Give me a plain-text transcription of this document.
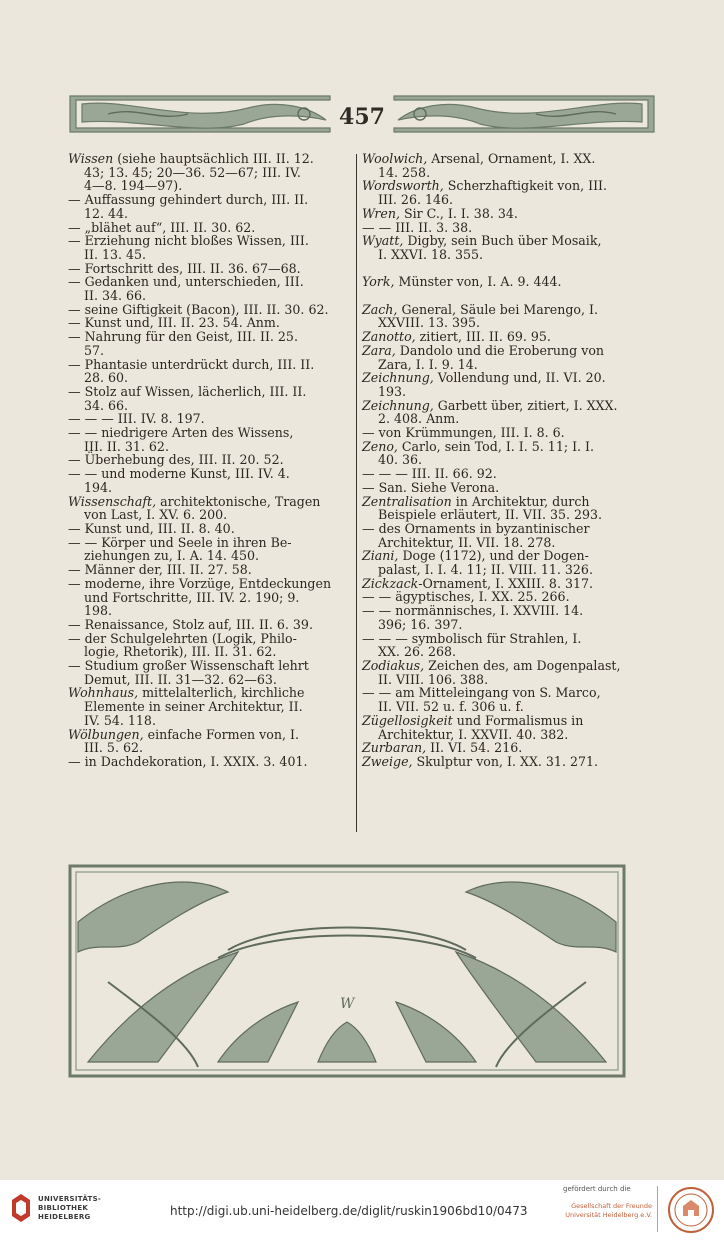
457

Wissen (siehe hauptsächlich III. II. 12.
43; 13. 45; 20—36. 52—67; III. IV.
4—8. 194—97).

— Auffassung gehindert durch, III. II.
12. 44.

— „blähet auf“, III. II. 30. 62.

— Erziehung nicht bloßes Wissen, III.
II. 13. 45.

— Fortschritt des, III. II. 36. 67—68.

— Gedanken und, unterschieden, III.
II. 34. 66.

— seine Giftigkeit (Bacon), III. II. 30. 62.

— Kunst und, III. II. 23. 54. Anm.

— Nahrung für den Geist, III. II. 25.
57.

— Phantasie unterdrückt durch, III. II.
28. 60.

— Stolz auf Wissen, lächerlich, III. II.
34. 66.

— — — III. IV. 8. 197.

— — niedrigere Arten des Wissens,
III. II. 31. 62.

— Überhebung des, III. II. 20. 52.

— — und moderne Kunst, III. IV. 4.
194.

Wissenschaft, architektonische, Tragen
von Last, I. XV. 6. 200.

— Kunst und, III. II. 8. 40.

— — Körper und Seele in ihren Be-
ziehungen zu, I. A. 14. 450.

— Männer der, III. II. 27. 58.

— moderne, ihre Vorzüge, Entdeckungen
und Fortschritte, III. IV. 2. 190; 9.
198.

— Renaissance, Stolz auf, III. II. 6. 39.

— der Schulgelehrten (Logik, Philo-
logie, Rhetorik), III. II. 31. 62.

— Studium großer Wissenschaft lehrt
Demut, III. II. 31—32. 62—63.

Wohnhaus, mittelalterlich, kirchliche
Elemente in seiner Architektur, II.
IV. 54. 118.

Wölbungen, einfache Formen von, I.
III. 5. 62.

— in Dachdekoration, I. XXIX. 3. 401.

Woolwich, Arsenal, Ornament, I. XX.
14. 258.

Wordsworth, Scherzhaftigkeit von, III.
III. 26. 146.

Wren, Sir C., I. I. 38. 34.

— — III. II. 3. 38.

Wyatt, Digby, sein Buch über Mosaik,
I. XXVI. 18. 355.

York, Münster von, I. A. 9. 444.

Zach, General, Säule bei Marengo, I.
XXVIII. 13. 395.

Zanotto, zitiert, III. II. 69. 95.

Zara, Dandolo und die Eroberung von
Zara, I. I. 9. 14.

Zeichnung, Vollendung und, II. VI. 20.
193.

Zeichnung, Garbett über, zitiert, I. XXX.
2. 408. Anm.

— von Krümmungen, III. I. 8. 6.

Zeno, Carlo, sein Tod, I. I. 5. 11; I. I.
40. 36.

— — — III. II. 66. 92.

— San. Siehe Verona.

Zentralisation in Architektur, durch
Beispiele erläutert, II. VII. 35. 293.

— des Ornaments in byzantinischer
Architektur, II. VII. 18. 278.

Ziani, Doge (1172), und der Dogen-
palast, I. I. 4. 11; II. VIII. 11. 326.

Zickzack-Ornament, I. XXIII. 8. 317.

— — ägyptisches, I. XX. 25. 266.

— — normännisches, I. XXVIII. 14.
396; 16. 397.

— — — symbolisch für Strahlen, I.
XX. 26. 268.

Zodiakus, Zeichen des, am Dogenpalast,
II. VIII. 106. 388.

— — am Mitteleingang von S. Marco,
II. VII. 52 u. f. 306 u. f.

Zügellosigkeit und Formalismus in
Architektur, I. XXVII. 40. 382.

Zurbaran, II. VI. 54. 216.

Zweige, Skulptur von, I. XX. 31. 271.

W
UNIVERSITÄTS-
BIBLIOTHEK
HEIDELBERG	http://digi.ub.uni-heidelberg.de/diglit/ruskin1906bd10/0473
gefördert durch die
Gesellschaft der Freunde
Universität Heidelberg e.V.
